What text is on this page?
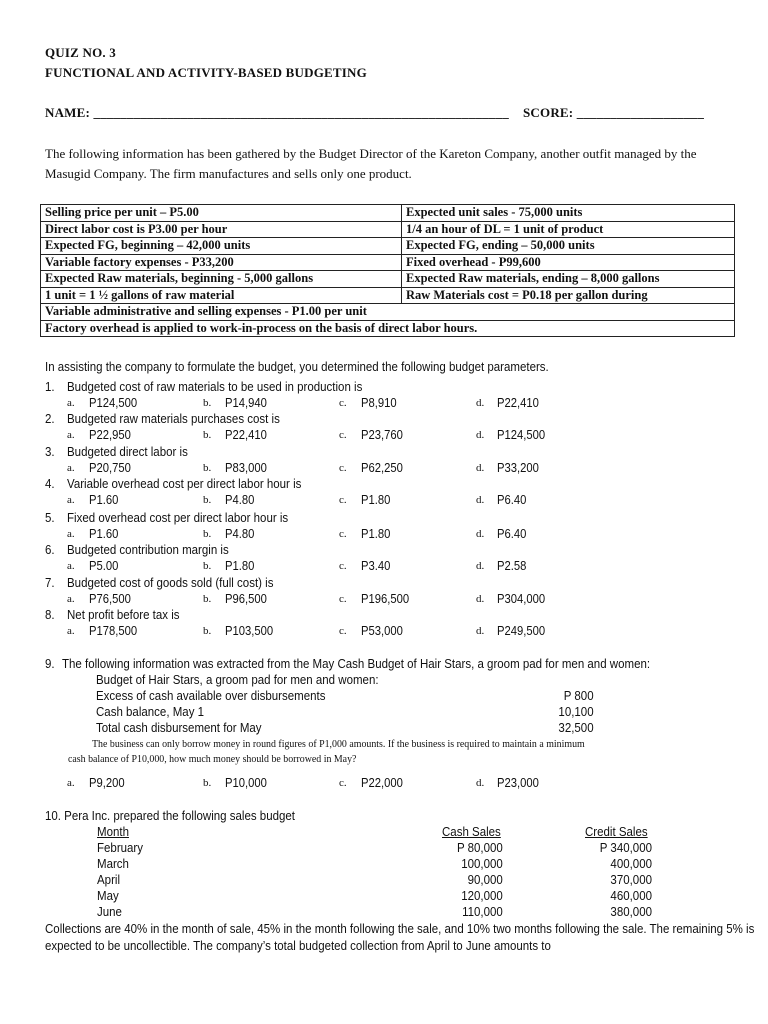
QUIZ NO. 3
FUNCTIONAL AND ACTIVITY-BASED BUDGETING
NAME: ______________________________________________________________ SCORE: ___________________
The following information has been gathered by the Budget Director of the Kareton Company, another outfit managed by the Masugid Company. The firm manufactures and sells only one product.
Selling price per unit – P5.00	Expected unit sales - 75,000 units
Direct labor cost is P3.00 per hour	1/4 an hour of DL = 1 unit of product
Expected FG, beginning – 42,000 units	Expected FG, ending – 50,000 units
Variable factory expenses - P33,200	Fixed overhead - P99,600
Expected Raw materials, beginning - 5,000 gallons	Expected Raw materials, ending – 8,000 gallons
1 unit = 1 ½ gallons of raw material	Raw Materials cost = P0.18 per gallon during
Variable administrative and selling expenses - P1.00 per unit	
Factory overhead is applied to work-in-process on the basis of direct labor hours.	
In assisting the company to formulate the budget, you determined the following budget parameters.
1. Budgeted cost of raw materials to be used in production is
a. P124,500	b. P14,940	c. P8,910	d. P22,410
2. Budgeted raw materials purchases cost is
a. P22,950	b. P22,410	c. P23,760	d. P124,500
3. Budgeted direct labor is
a. P20,750	b. P83,000	c. P62,250	d. P33,200
4. Variable overhead cost per direct labor hour is
a. P1.60	b. P4.80	c. P1.80	d. P6.40
5. Fixed overhead cost per direct labor hour is
a. P1.60	b. P4.80	c. P1.80	d. P6.40
6. Budgeted contribution margin is
a. P5.00	b. P1.80	c. P3.40	d. P2.58
7. Budgeted cost of goods sold (full cost) is
a. P76,500	b. P96,500	c. P196,500	d. P304,000
8. Net profit before tax is
a. P178,500	b. P103,500	c. P53,000	d. P249,500
9. The following information was extracted from the May Cash Budget of Hair Stars, a groom pad for men and women:
Budget of Hair Stars, a groom pad for men and women:
Excess of cash available over disbursements	P 800
Cash balance, May 1	10,100
Total cash disbursement for May	32,500
The business can only borrow money in round figures of P1,000 amounts. If the business is required to maintain a minimum
cash balance of P10,000, how much money should be borrowed in May?
a. P9,200	b. P10,000	c. P22,000	d. P23,000
10. Pera Inc. prepared the following sales budget
Month	Cash Sales	Credit Sales
February	P 80,000	P 340,000
March	100,000	400,000
April	90,000	370,000
May	120,000	460,000
June	110,000	380,000
Collections are 40% in the month of sale, 45% in the month following the sale, and 10% two months following the sale. The remaining 5% is expected to be uncollectible. The company’s total budgeted collection from April to June amounts to
